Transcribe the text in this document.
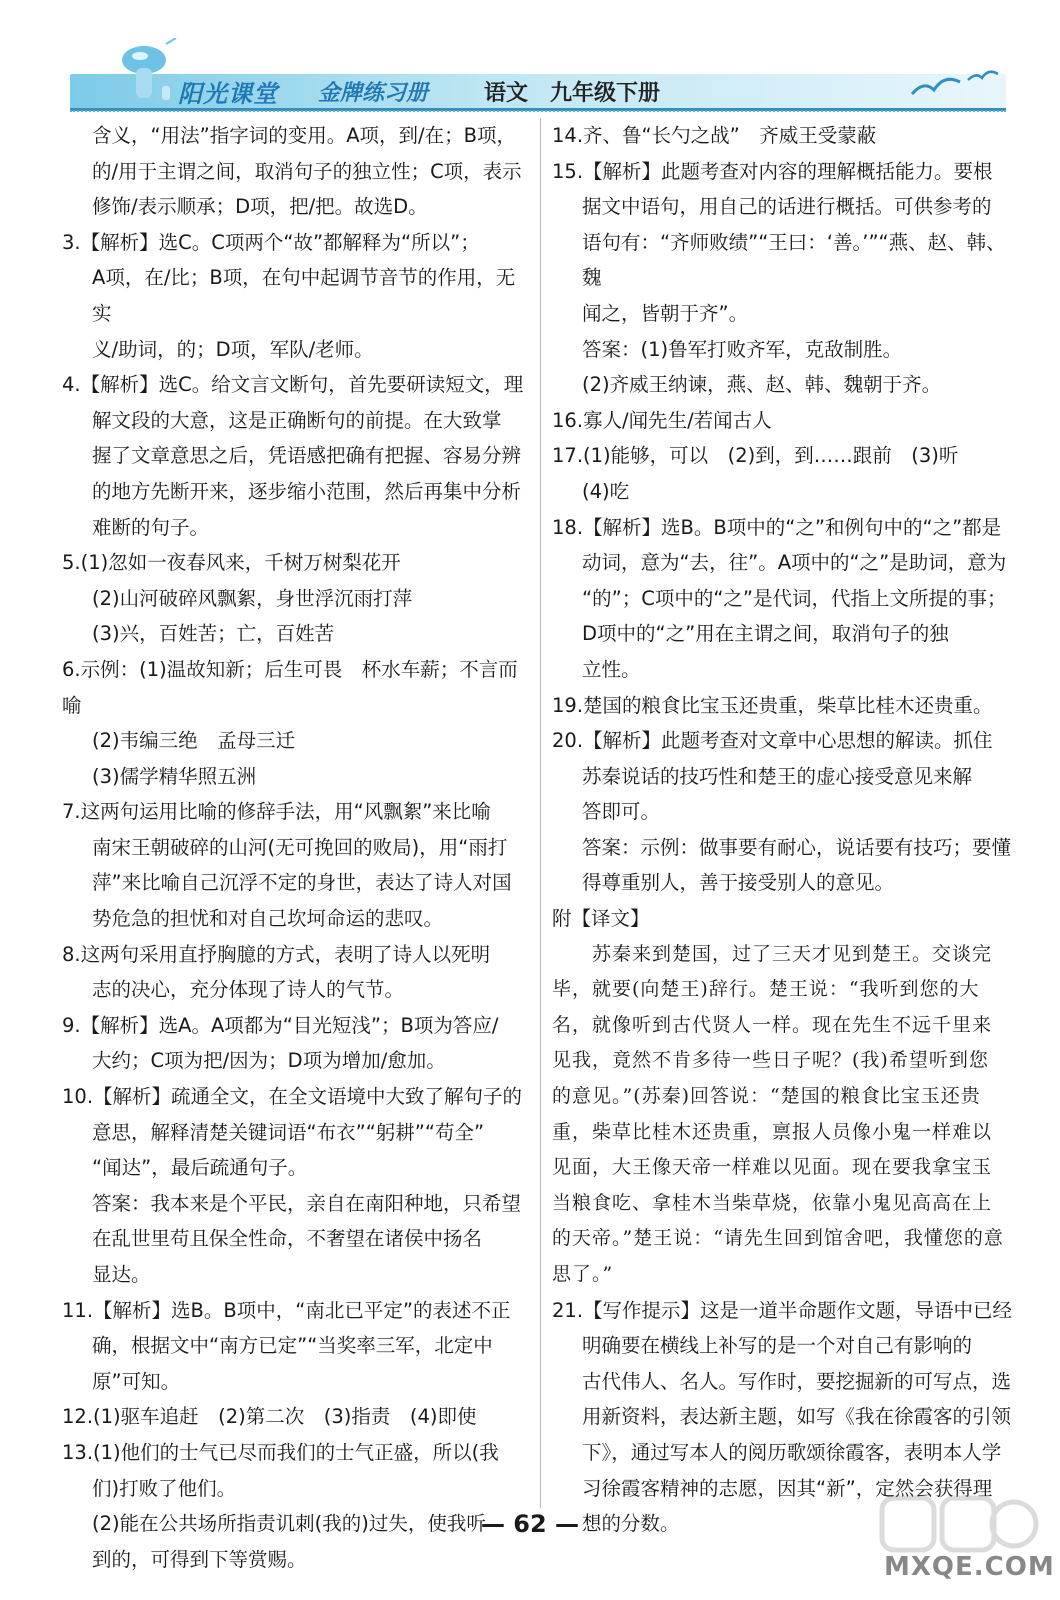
阳光课堂 金牌练习册	语文 九年级下册

含义，“用法”指字词的变用。A项，到/在；B项，

的/用于主谓之间，取消句子的独立性；C项，表示

修饰/表示顺承；D项，把/把。故选D。

3.【解析】选C。C项两个“故”都解释为“所以”；

A项，在/比；B项，在句中起调节音节的作用，无实

义/助词，的；D项，军队/老师。

4.【解析】选C。给文言文断句，首先要研读短文，理

解文段的大意，这是正确断句的前提。在大致掌

握了文章意思之后，凭语感把确有把握、容易分辨

的地方先断开来，逐步缩小范围，然后再集中分析

难断的句子。

5.(1)忽如一夜春风来，千树万树梨花开

(2)山河破碎风飘絮，身世浮沉雨打萍

(3)兴，百姓苦；亡，百姓苦

6.示例：(1)温故知新；后生可畏　杯水车薪；不言而喻

(2)韦编三绝　孟母三迁

(3)儒学精华照五洲

7.这两句运用比喻的修辞手法，用“风飘絮”来比喻

南宋王朝破碎的山河(无可挽回的败局)，用“雨打

萍”来比喻自己沉浮不定的身世，表达了诗人对国

势危急的担忧和对自己坎坷命运的悲叹。

8.这两句采用直抒胸臆的方式，表明了诗人以死明

志的决心，充分体现了诗人的气节。

9.【解析】选A。A项都为“目光短浅”；B项为答应/

大约；C项为把/因为；D项为增加/愈加。

10.【解析】疏通全文，在全文语境中大致了解句子的

意思，解释清楚关键词语“布衣”“躬耕”“苟全”

“闻达”，最后疏通句子。

答案：我本来是个平民，亲自在南阳种地，只希望

在乱世里苟且保全性命，不奢望在诸侯中扬名

显达。

11.【解析】选B。B项中，“南北已平定”的表述不正

确，根据文中“南方已定”“当奖率三军，北定中

原”可知。

12.(1)驱车追赶　(2)第二次　(3)指责　(4)即使

13.(1)他们的士气已尽而我们的士气正盛，所以(我

们)打败了他们。

(2)能在公共场所指责讥刺(我的)过失，使我听

到的，可得到下等赏赐。

14.齐、鲁“长勺之战”　齐威王受蒙蔽

15.【解析】此题考查对内容的理解概括能力。要根

据文中语句，用自己的话进行概括。可供参考的

语句有：“齐师败绩”“王曰：‘善。’”“燕、赵、韩、魏

闻之，皆朝于齐”。

答案：(1)鲁军打败齐军，克敌制胜。

(2)齐威王纳谏，燕、赵、韩、魏朝于齐。

16.寡人/闻先生/若闻古人

17.(1)能够，可以　(2)到，到……跟前　(3)听

(4)吃

18.【解析】选B。B项中的“之”和例句中的“之”都是

动词，意为“去，往”。A项中的“之”是助词，意为

“的”；C项中的“之”是代词，代指上文所提的事；

D项中的“之”用在主谓之间，取消句子的独

立性。

19.楚国的粮食比宝玉还贵重，柴草比桂木还贵重。

20.【解析】此题考查对文章中心思想的解读。抓住

苏秦说话的技巧性和楚王的虚心接受意见来解

答即可。

答案：示例：做事要有耐心，说话要有技巧；要懂

得尊重别人，善于接受别人的意见。

附【译文】

苏秦来到楚国，过了三天才见到楚王。交谈完

毕，就要(向楚王)辞行。楚王说：“我听到您的大

名，就像听到古代贤人一样。现在先生不远千里来

见我，竟然不肯多待一些日子呢？(我)希望听到您

的意见。”(苏秦)回答说：“楚国的粮食比宝玉还贵

重，柴草比桂木还贵重，禀报人员像小鬼一样难以

见面，大王像天帝一样难以见面。现在要我拿宝玉

当粮食吃、拿桂木当柴草烧，依靠小鬼见高高在上

的天帝。”楚王说：“请先生回到馆舍吧，我懂您的意

思了。”

21.【写作提示】这是一道半命题作文题，导语中已经

明确要在横线上补写的是一个对自己有影响的

古代伟人、名人。写作时，要挖掘新的可写点，选

用新资料，表达新主题，如写《我在徐霞客的引领

下》，通过写本人的阅历歌颂徐霞客，表明本人学

习徐霞客精神的志愿，因其“新”，定然会获得理

想的分数。

— 62 —
MXQE.COM
